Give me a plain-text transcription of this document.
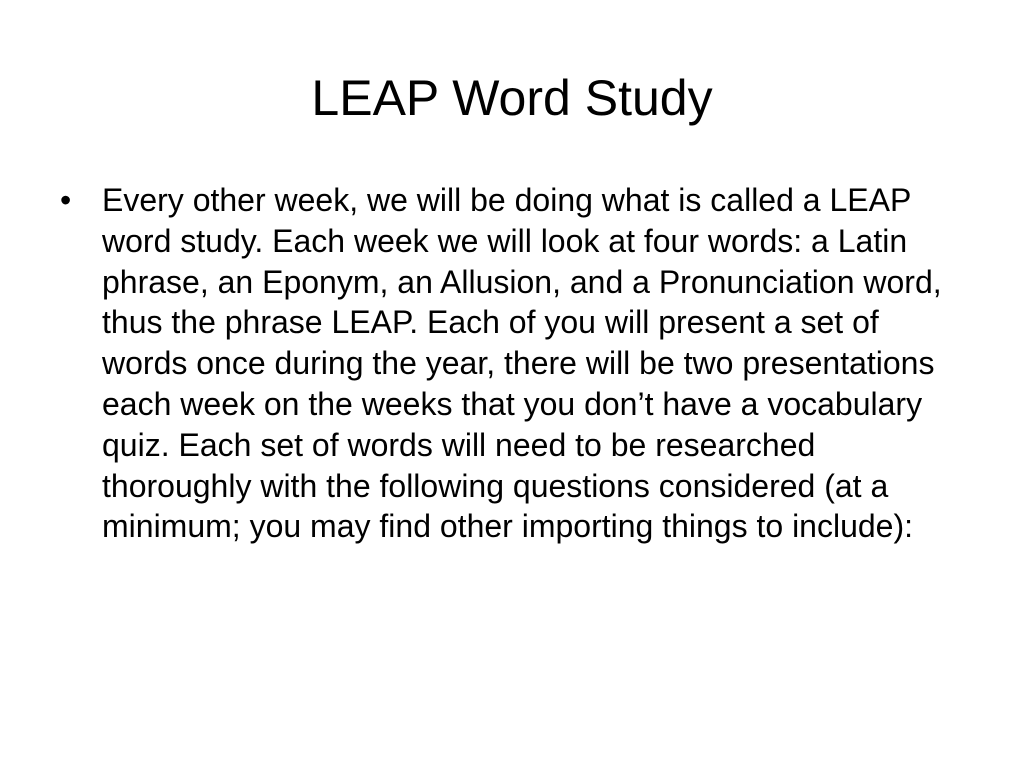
LEAP Word Study
• Every other week, we will be doing what is called a LEAP word study. Each week we will look at four words: a Latin phrase, an Eponym, an Allusion, and a Pronunciation word, thus the phrase LEAP. Each of you will present a set of words once during the year, there will be two presentations each week on the weeks that you don’t have a vocabulary quiz. Each set of words will need to be researched thoroughly with the following questions considered (at a minimum; you may find other importing things to include):
